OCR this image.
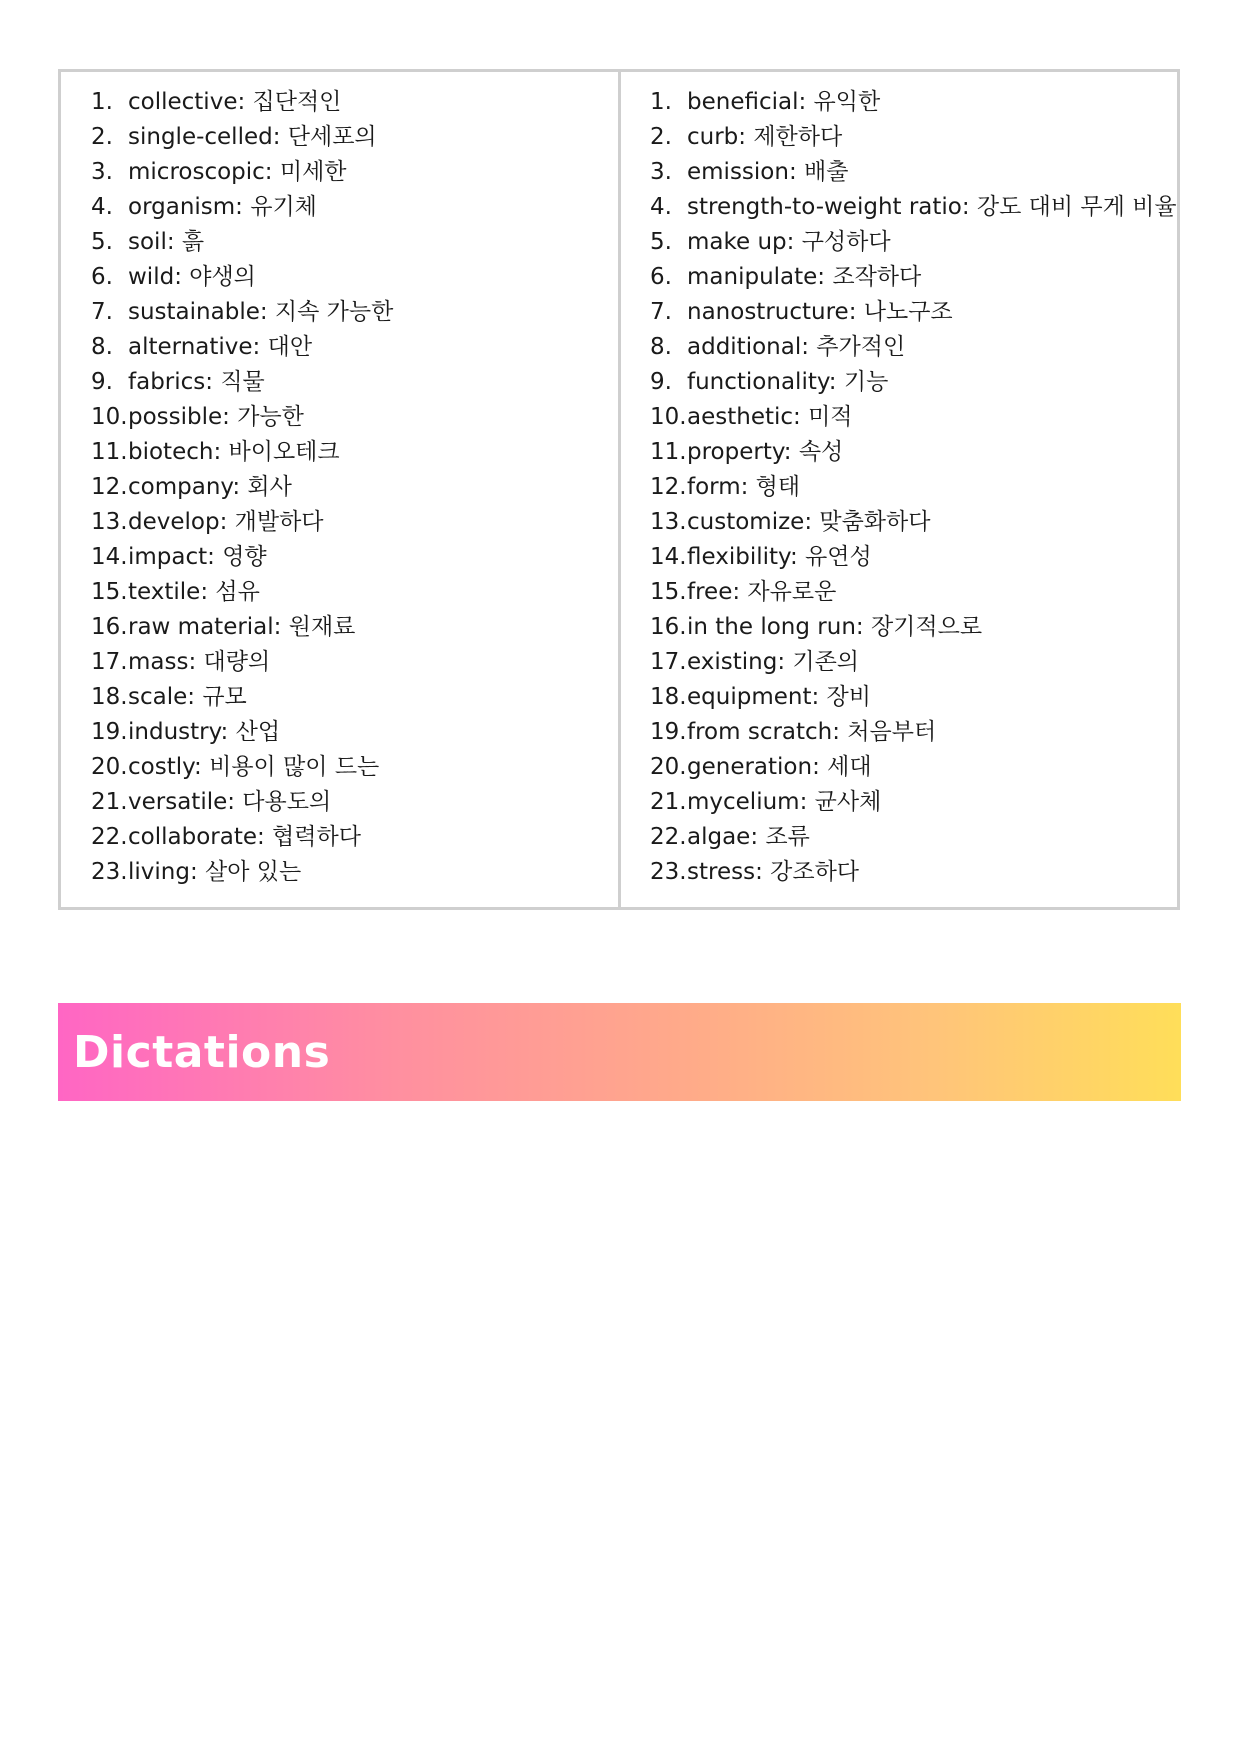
1. collective: 집단적인
2. single-celled: 단세포의
3. microscopic: 미세한
4. organism: 유기체
5. soil: 흙
6. wild: 야생의
7. sustainable: 지속 가능한
8. alternative: 대안
9. fabrics: 직물
10. possible: 가능한
11. biotech: 바이오테크
12. company: 회사
13. develop: 개발하다
14. impact: 영향
15. textile: 섬유
16. raw material: 원재료
17. mass: 대량의
18. scale: 규모
19. industry: 산업
20. costly: 비용이 많이 드는
21. versatile: 다용도의
22. collaborate: 협력하다
23. living: 살아 있는
1. beneficial: 유익한
2. curb: 제한하다
3. emission: 배출
4. strength-to-weight ratio: 강도 대비 무게 비율
5. make up: 구성하다
6. manipulate: 조작하다
7. nanostructure: 나노구조
8. additional: 추가적인
9. functionality: 기능
10. aesthetic: 미적
11. property: 속성
12. form: 형태
13. customize: 맞춤화하다
14. flexibility: 유연성
15. free: 자유로운
16. in the long run: 장기적으로
17. existing: 기존의
18. equipment: 장비
19. from scratch: 처음부터
20. generation: 세대
21. mycelium: 균사체
22. algae: 조류
23. stress: 강조하다
Dictations
